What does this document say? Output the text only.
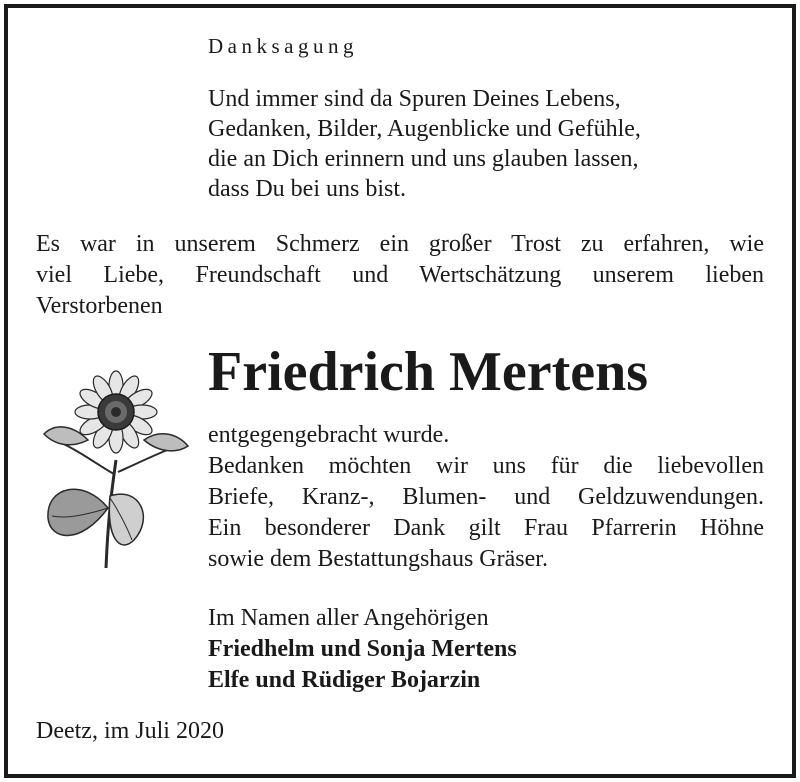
Danksagung
Und immer sind da Spuren Deines Lebens,
Gedanken, Bilder, Augenblicke und Gefühle,
die an Dich erinnern und uns glauben lassen,
dass Du bei uns bist.
Es war in unserem Schmerz ein großer Trost zu erfahren, wie
viel Liebe, Freundschaft und Wertschätzung unserem lieben
Verstorbenen
Friedrich Mertens
entgegengebracht wurde.
Bedanken möchten wir uns für die liebevollen
Briefe, Kranz-, Blumen- und Geldzuwendungen.
Ein besonderer Dank gilt Frau Pfarrerin Höhne
sowie dem Bestattungshaus Gräser.
Im Namen aller Angehörigen
Friedhelm und Sonja Mertens
Elfe und Rüdiger Bojarzin
Deetz, im Juli 2020
